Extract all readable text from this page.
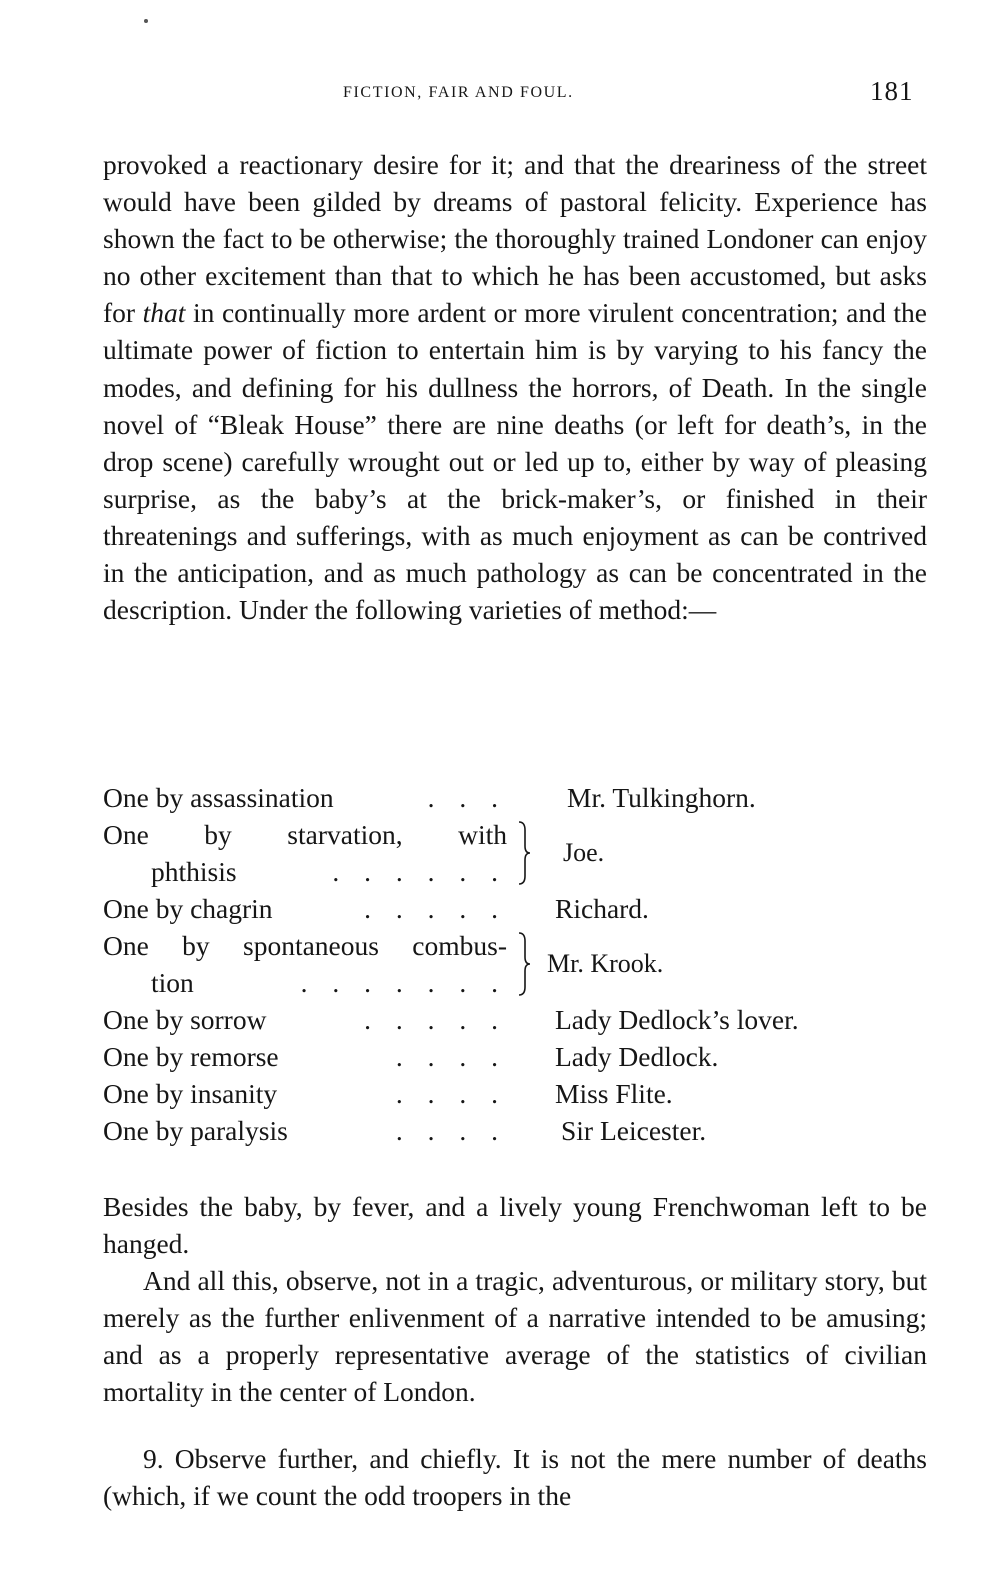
FICTION, FAIR AND FOUL.	181

provoked a reactionary desire for it; and that the dreariness of the street would have been gilded by dreams of pastoral felicity. Experience has shown the fact to be otherwise; the thoroughly trained Londoner can enjoy no other excitement than that to which he has been accustomed, but asks for that in continually more ardent or more virulent concentration; and the ultimate power of fiction to entertain him is by varying to his fancy the modes, and defining for his dullness the horrors, of Death. In the single novel of “Bleak House” there are nine deaths (or left for death’s, in the drop scene) carefully wrought out or led up to, either by way of pleasing surprise, as the baby’s at the brick-maker’s, or finished in their threatenings and sufferings, with as much enjoyment as can be contrived in the anticipation, and as much pathology as can be concentrated in the description. Under the following varieties of method:—

One by assassination	. . . Mr. Tulkinghorn.
One by starvation, with
phthisis	. . . . . .
Joe.
One by chagrin	. . . . . Richard.
One by spontaneous combus-
tion	. . . . . . .
Mr. Krook.
One by sorrow	. . . . . Lady Dedlock’s lover.
One by remorse	. . . . Lady Dedlock.
One by insanity	. . . . Miss Flite.
One by paralysis	. . . . Sir Leicester.

Besides the baby, by fever, and a lively young Frenchwoman left to be hanged.

And all this, observe, not in a tragic, adventurous, or military story, but merely as the further enlivenment of a narrative intended to be amusing; and as a properly representative average of the statistics of civilian mortality in the center of London.

9. Observe further, and chiefly. It is not the mere number of deaths (which, if we count the odd troopers in the
